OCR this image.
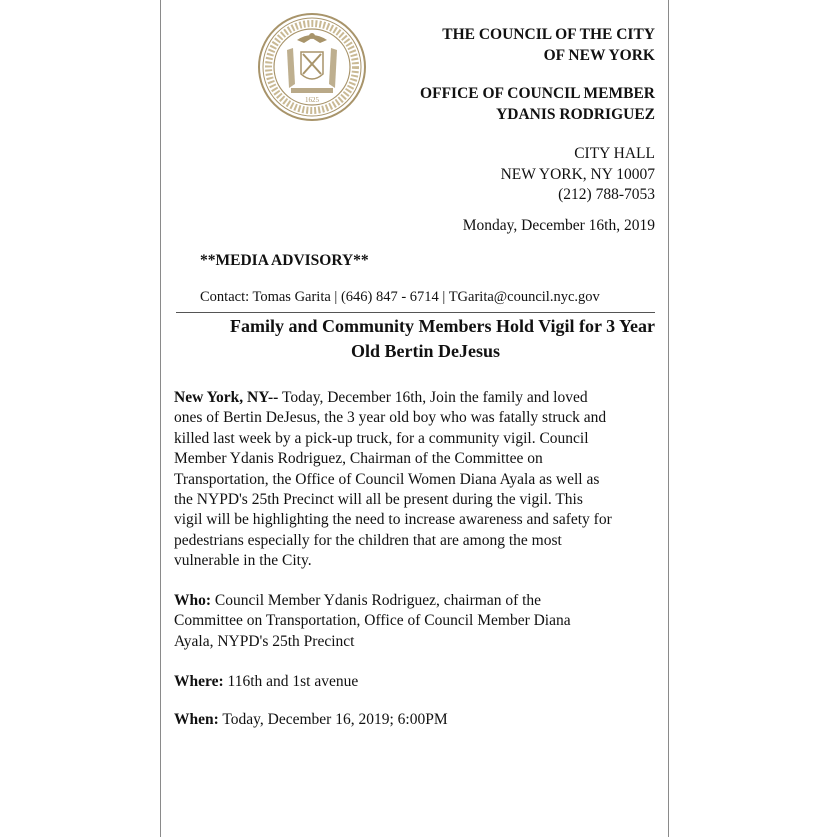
1625
THE COUNCIL OF THE CITY
OF NEW YORK
OFFICE OF COUNCIL MEMBER
YDANIS RODRIGUEZ
CITY HALL
NEW YORK, NY 10007
(212) 788-7053
Monday, December 16th, 2019
**MEDIA ADVISORY**
Contact: Tomas Garita | (646) 847 - 6714 | TGarita@council.nyc.gov
Family and Community Members Hold Vigil for 3 Year
Old Bertin DeJesus
New York, NY-- Today, December 16th, Join the family and loved
ones of Bertin DeJesus, the 3 year old boy who was fatally struck and
killed last week by a pick-up truck, for a community vigil. Council
Member Ydanis Rodriguez, Chairman of the Committee on
Transportation, the Office of Council Women Diana Ayala as well as
the NYPD's 25th Precinct will all be present during the vigil. This
vigil will be highlighting the need to increase awareness and safety for
pedestrians especially for the children that are among the most
vulnerable in the City.
Who: Council Member Ydanis Rodriguez, chairman of the
Committee on Transportation, Office of Council Member Diana
Ayala, NYPD's 25th Precinct
Where: 116th and 1st avenue
When: Today, December 16, 2019; 6:00PM
